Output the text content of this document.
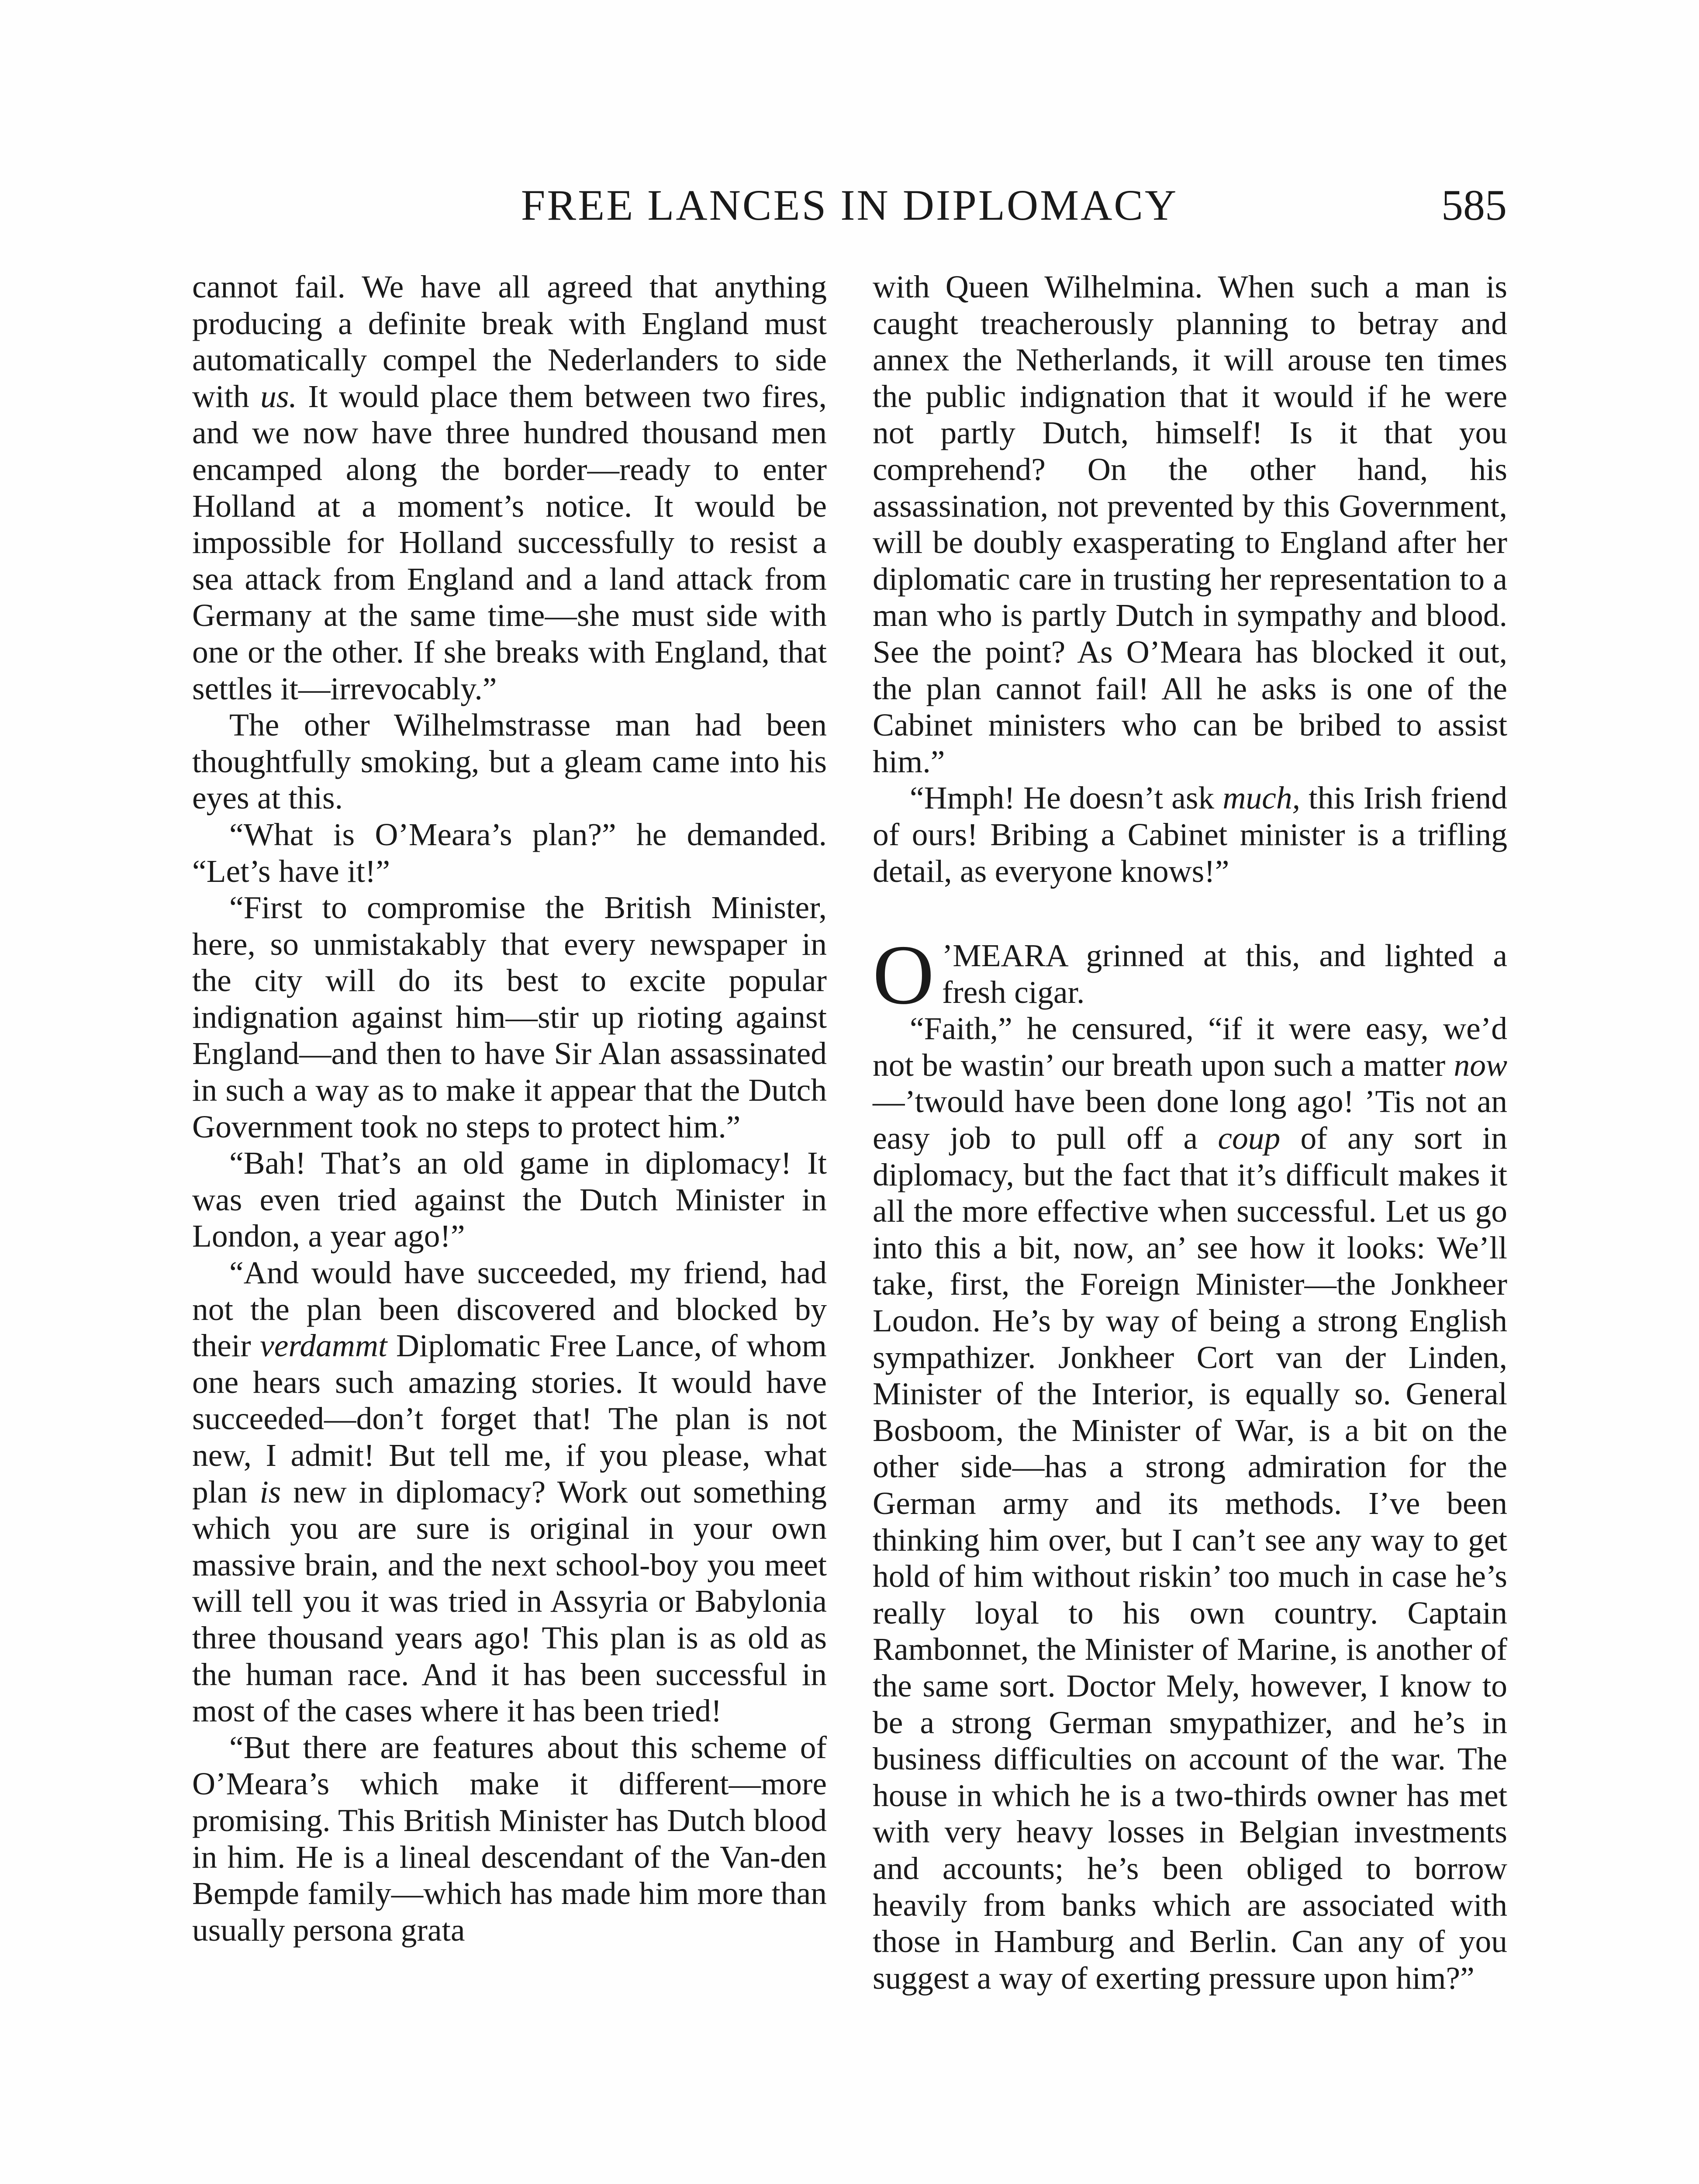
FREE LANCES IN DIPLOMACY	585

cannot fail. We have all agreed that anything producing a definite break with England must automatically compel the Nederlanders to side with us. It would place them between two fires, and we now have three hundred thousand men encamped along the border—ready to enter Holland at a moment’s notice. It would be impossible for Holland successfully to resist a sea attack from England and a land attack from Germany at the same time—she must side with one or the other. If she breaks with England, that settles it—irrevocably.”

The other Wilhelmstrasse man had been thoughtfully smoking, but a gleam came into his eyes at this.

“What is O’Meara’s plan?” he demanded. “Let’s have it!”

“First to compromise the British Minister, here, so unmistakably that every newspaper in the city will do its best to excite popular indignation against him—stir up rioting against England—and then to have Sir Alan assassinated in such a way as to make it appear that the Dutch Government took no steps to protect him.”

“Bah! That’s an old game in diplomacy! It was even tried against the Dutch Minister in London, a year ago!”

“And would have succeeded, my friend, had not the plan been discovered and blocked by their verdammt Diplomatic Free Lance, of whom one hears such amazing stories. It would have succeeded—don’t forget that! The plan is not new, I admit! But tell me, if you please, what plan is new in diplomacy? Work out something which you are sure is original in your own massive brain, and the next school-boy you meet will tell you it was tried in Assyria or Babylonia three thousand years ago! This plan is as old as the human race. And it has been successful in most of the cases where it has been tried!

“But there are features about this scheme of O’Meara’s which make it different—more promising. This British Minister has Dutch blood in him. He is a lineal descendant of the Van-den Bempde family—which has made him more than usually persona grata

with Queen Wilhelmina. When such a man is caught treacherously planning to betray and annex the Netherlands, it will arouse ten times the public indignation that it would if he were not partly Dutch, himself! Is it that you comprehend? On the other hand, his assassination, not prevented by this Government, will be doubly exasperating to England after her diplomatic care in trusting her representation to a man who is partly Dutch in sympathy and blood. See the point? As O’Meara has blocked it out, the plan cannot fail! All he asks is one of the Cabinet ministers who can be bribed to assist him.”

“Hmph! He doesn’t ask much, this Irish friend of ours! Bribing a Cabinet minister is a trifling detail, as everyone knows!”

O ’MEARA grinned at this, and lighted a fresh cigar.

“Faith,” he censured, “if it were easy, we’d not be wastin’ our breath upon such a matter now—’twould have been done long ago! ’Tis not an easy job to pull off a coup of any sort in diplomacy, but the fact that it’s difficult makes it all the more effective when successful. Let us go into this a bit, now, an’ see how it looks: We’ll take, first, the Foreign Minister—the Jonkheer Loudon. He’s by way of being a strong English sympathizer. Jonkheer Cort van der Linden, Minister of the Interior, is equally so. General Bosboom, the Minister of War, is a bit on the other side—has a strong admiration for the German army and its methods. I’ve been thinking him over, but I can’t see any way to get hold of him without riskin’ too much in case he’s really loyal to his own country. Captain Rambonnet, the Minister of Marine, is another of the same sort. Doctor Mely, however, I know to be a strong German smypathizer, and he’s in business difficulties on account of the war. The house in which he is a two-thirds owner has met with very heavy losses in Belgian investments and accounts; he’s been obliged to borrow heavily from banks which are associated with those in Hamburg and Berlin. Can any of you suggest a way of exerting pressure upon him?”
